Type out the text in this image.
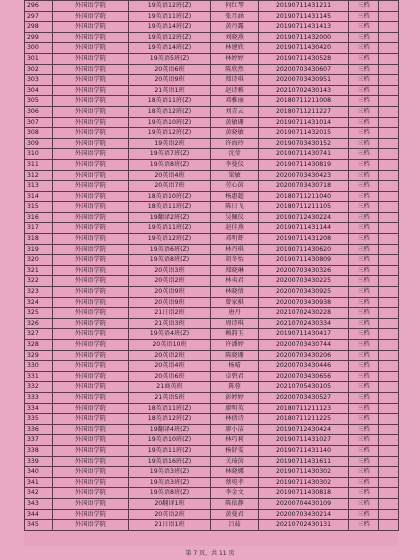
296	外国语学院	19英语12班(Z)	何红琴	20190711431211	三档	
297	外国语学院	19英语11班(Z)	张月涵	20190711431145	三档	
298	外国语学院	19英语14班(Z)	黄丹露	20190711431413	三档	
299	外国语学院	19英语12班(Z)	刘晓燕	20190711432000	三档	
300	外国语学院	19英语14班(Z)	林建欣	20190711430420	三档	
301	外国语学院	19英语5班(Z)	林婷婷	20190711430528	三档	
302	外国语学院	20英语6班	陈欣然	20200703430607	三档	
303	外国语学院	20英语9班	郑诗琪	20200703430951	三档	
304	外国语学院	21英语1班	赵诗雅	20210702430143	三档	
305	外国语学院	18英语11班(Z)	邓雅丽	20180711211008	三档	
306	外国语学院	18英语12班(Z)	刘青云	20180711211227	三档	
307	外国语学院	19英语10班(Z)	黄敏珊	20190711431014	三档	
308	外国语学院	19英语12班(Z)	黄晓敏	20190711432015	三档	
309	外国语学院	19英语2班	许海玲	20190703430152	三档	
310	外国语学院	19英语7班(Z)	沈莹	20190711430741	三档	
311	外国语学院	19英语8班(Z)	李曼仪	20190711430819	三档	
312	外国语学院	20英语4班	梁敏	20200703430423	三档	
313	外国语学院	20英语7班	劳心茵	20200703430718	三档	
314	外国语学院	18英语10班(Z)	杨惠超	20180711211040	三档	
315	外国语学院	18英语11班(Z)	陈日飞	20180711211105	三档	
316	外国语学院	19翻译2班(Z)	吴佩仪	20190712430224	三档	
317	外国语学院	19英语11班(Z)	赵佳燕	20190711431144	三档	
318	外国语学院	19英语12班(Z)	邓明虾	20190711431208	三档	
319	外国语学院	19英语6班(Z)	林丹琪	20190711430620	三档	
320	外国语学院	19英语8班(Z)	胡冬怡	20190711430809	三档	
321	外国语学院	20英语3班	郑晓琳	20200703430326	三档	
322	外国语学院	20英语2班	林夷君	20200703430225	三档	
323	外国语学院	20英语9班	林晓倩	20200703430925	三档	
324	外国语学院	20英语9班	曾家棋	20200703430938	三档	
325	外国语学院	21日语2班	唐丹	20210702430228	三档	
326	外国语学院	21英语3班	周诗琪	20210702430334	三档	
327	外国语学院	19英语4班(Z)	赖韵玉	20190711430417	三档	
328	外国语学院	20英语10班	许潘婷	20200703430744	三档	
329	外国语学院	20英语2班	陈晓珊	20200703430206	三档	
330	外国语学院	20英语4班	杨晴	20200703430446	三档	
331	外国语学院	20英语6班	卓碧君	20200703430656	三档	
332	外国语学院	21商英班	陈蓉	20210705430105	三档	
333	外国语学院	21英语5班	彭婷婷	20200703430527	三档	
334	外国语学院	18英语11班(Z)	廖明英	20180711211123	三档	
335	外国语学院	18英语12班(Z)	林倩诗	20180711211225	三档	
336	外国语学院	19翻译4班(Z)	廖小洁	20190712430424	三档	
337	外国语学院	19英语10班(Z)	林巧莉	20190711431027	三档	
338	外国语学院	19英语11班(Z)	杨舒雯	20190711431140	三档	
339	外国语学院	19英语16班(Z)	关琦茵	20190711431611	三档	
340	外国语学院	19英语3班(Z)	林晓娜	20190711430302	三档	
341	外国语学院	19英语3班(Z)	蔡宛孝	20190711430302	三档	
342	外国语学院	19英语8班(Z)	李金文	20190711430818	三档	
343	外国语学院	20翻译1班	陈依静	20200704430109	三档	
344	外国语学院	20英语2班	黄曼君	20200703430214	三档	
345	外国语学院	21日语1班	吕茹	20210702430131	三档	
第 7 页，共 11 页
